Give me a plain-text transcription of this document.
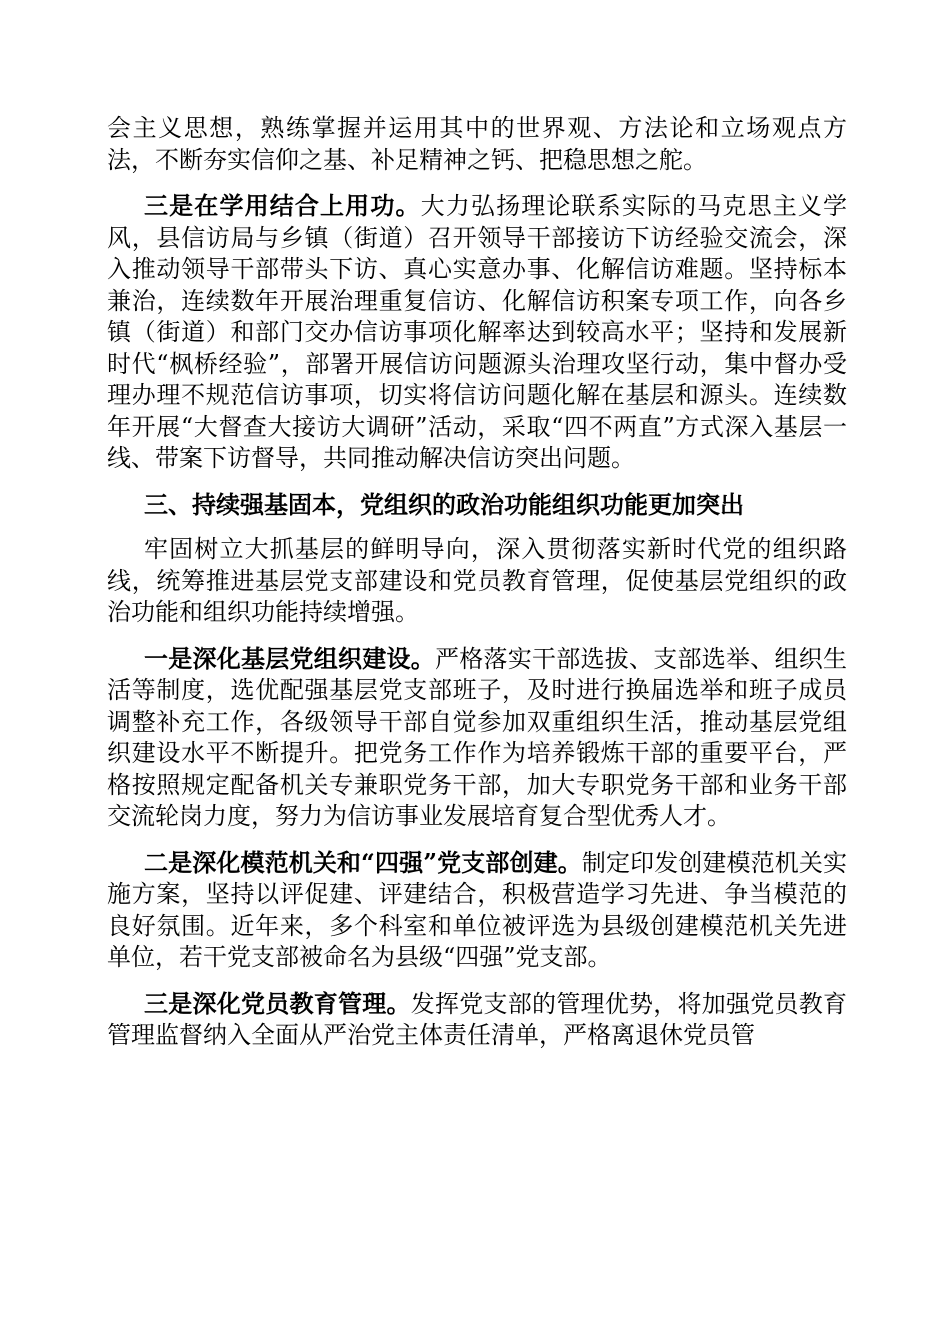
会主义思想，熟练掌握并运用其中的世界观、方法论和立场观点方法，不断夯实信仰之基、补足精神之钙、把稳思想之舵。

三是在学用结合上用功。大力弘扬理论联系实际的马克思主义学风，县信访局与乡镇（街道）召开领导干部接访下访经验交流会，深入推动领导干部带头下访、真心实意办事、化解信访难题。坚持标本兼治，连续数年开展治理重复信访、化解信访积案专项工作，向各乡镇（街道）和部门交办信访事项化解率达到较高水平；坚持和发展新时代“枫桥经验”，部署开展信访问题源头治理攻坚行动，集中督办受理办理不规范信访事项，切实将信访问题化解在基层和源头。连续数年开展“大督查大接访大调研”活动，采取“四不两直”方式深入基层一线、带案下访督导，共同推动解决信访突出问题。

三、持续强基固本，党组织的政治功能组织功能更加突出

牢固树立大抓基层的鲜明导向，深入贯彻落实新时代党的组织路线，统筹推进基层党支部建设和党员教育管理，促使基层党组织的政治功能和组织功能持续增强。

一是深化基层党组织建设。严格落实干部选拔、支部选举、组织生活等制度，选优配强基层党支部班子，及时进行换届选举和班子成员调整补充工作，各级领导干部自觉参加双重组织生活，推动基层党组织建设水平不断提升。把党务工作作为培养锻炼干部的重要平台，严格按照规定配备机关专兼职党务干部，加大专职党务干部和业务干部交流轮岗力度，努力为信访事业发展培育复合型优秀人才。

二是深化模范机关和“四强”党支部创建。制定印发创建模范机关实施方案，坚持以评促建、评建结合，积极营造学习先进、争当模范的良好氛围。近年来，多个科室和单位被评选为县级创建模范机关先进单位，若干党支部被命名为县级“四强”党支部。

三是深化党员教育管理。发挥党支部的管理优势，将加强党员教育管理监督纳入全面从严治党主体责任清单，严格离退休党员管
